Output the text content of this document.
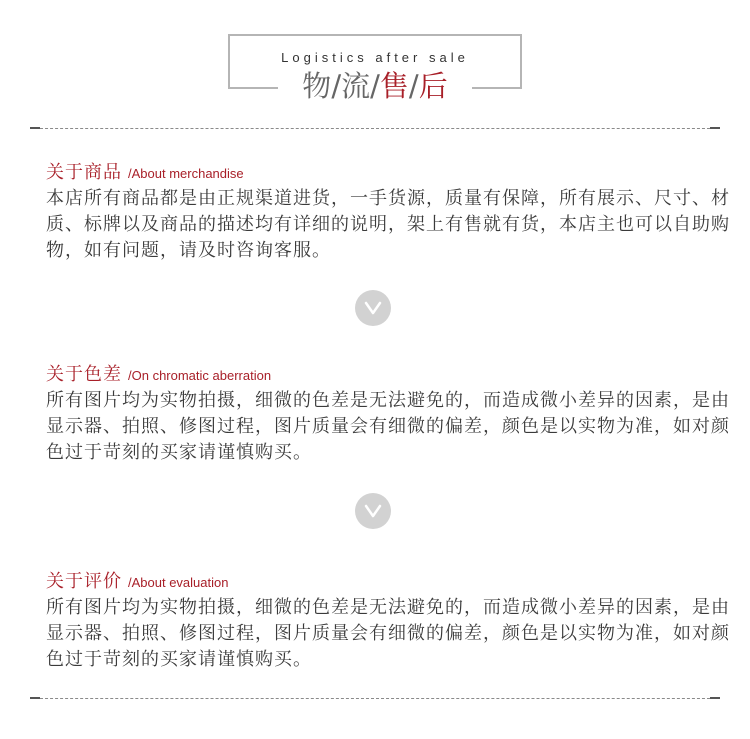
Logistics after sale
物/流/售/后
关于商品 /About merchandise

本店所有商品都是由正规渠道进货，一手货源，质量有保障，所有展示、尺寸、材质、标牌以及商品的描述均有详细的说明，架上有售就有货，本店主也可以自助购物，如有问题，请及时咨询客服。

关于色差 /On chromatic aberration

所有图片均为实物拍摄，细微的色差是无法避免的，而造成微小差异的因素，是由显示器、拍照、修图过程，图片质量会有细微的偏差，颜色是以实物为准，如对颜色过于苛刻的买家请谨慎购买。

关于评价 /About evaluation

所有图片均为实物拍摄，细微的色差是无法避免的，而造成微小差异的因素，是由显示器、拍照、修图过程，图片质量会有细微的偏差，颜色是以实物为准，如对颜色过于苛刻的买家请谨慎购买。
